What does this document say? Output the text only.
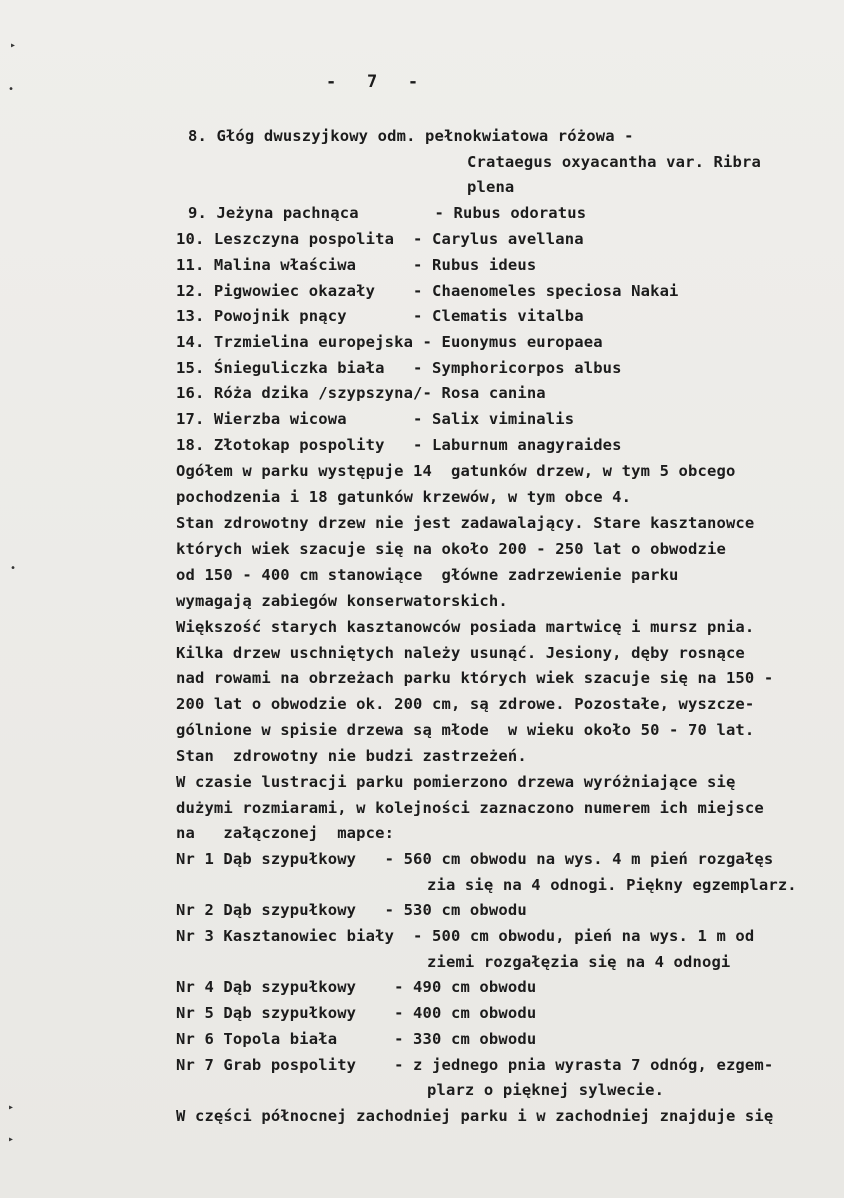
▸
•
•
▸
▸
-   7   -
8. Głóg dwuszyjkowy odm. pełnokwiatowa różowa -
Crataegus oxyacantha var. Ribra
plena
9. Jeżyna pachnąca        - Rubus odoratus
10. Leszczyna pospolita  - Carylus avellana
11. Malina właściwa      - Rubus ideus
12. Pigwowiec okazały    - Chaenomeles speciosa Nakai
13. Powojnik pnący       - Clematis vitalba
14. Trzmielina europejska - Euonymus europaea
15. Śnieguliczka biała   - Symphoricorpos albus
16. Róża dzika /szypszyna/- Rosa canina
17. Wierzba wicowa       - Salix viminalis
18. Złotokap pospolity   - Laburnum anagyraides
Ogółem w parku występuje 14  gatunków drzew, w tym 5 obcego
pochodzenia i 18 gatunków krzewów, w tym obce 4.
Stan zdrowotny drzew nie jest zadawalający. Stare kasztanowce
których wiek szacuje się na około 200 - 250 lat o obwodzie
od 150 - 400 cm stanowiące  główne zadrzewienie parku
wymagają zabiegów konserwatorskich.
Większość starych kasztanowców posiada martwicę i mursz pnia.
Kilka drzew uschniętych należy usunąć. Jesiony, dęby rosnące
nad rowami na obrzeżach parku których wiek szacuje się na 150 -
200 lat o obwodzie ok. 200 cm, są zdrowe. Pozostałe, wyszcze-
gólnione w spisie drzewa są młode  w wieku około 50 - 70 lat.
Stan  zdrowotny nie budzi zastrzeżeń.
W czasie lustracji parku pomierzono drzewa wyróżniające się
dużymi rozmiarami, w kolejności zaznaczono numerem ich miejsce
na   załączonej  mapce:
Nr 1 Dąb szypułkowy   - 560 cm obwodu na wys. 4 m pień rozgałęs
zia się na 4 odnogi. Piękny egzemplarz.
Nr 2 Dąb szypułkowy   - 530 cm obwodu
Nr 3 Kasztanowiec biały  - 500 cm obwodu, pień na wys. 1 m od
ziemi rozgałęzia się na 4 odnogi
Nr 4 Dąb szypułkowy    - 490 cm obwodu
Nr 5 Dąb szypułkowy    - 400 cm obwodu
Nr 6 Topola biała      - 330 cm obwodu
Nr 7 Grab pospolity    - z jednego pnia wyrasta 7 odnóg, ezgem-
plarz o pięknej sylwecie.
W części północnej zachodniej parku i w zachodniej znajduje się
